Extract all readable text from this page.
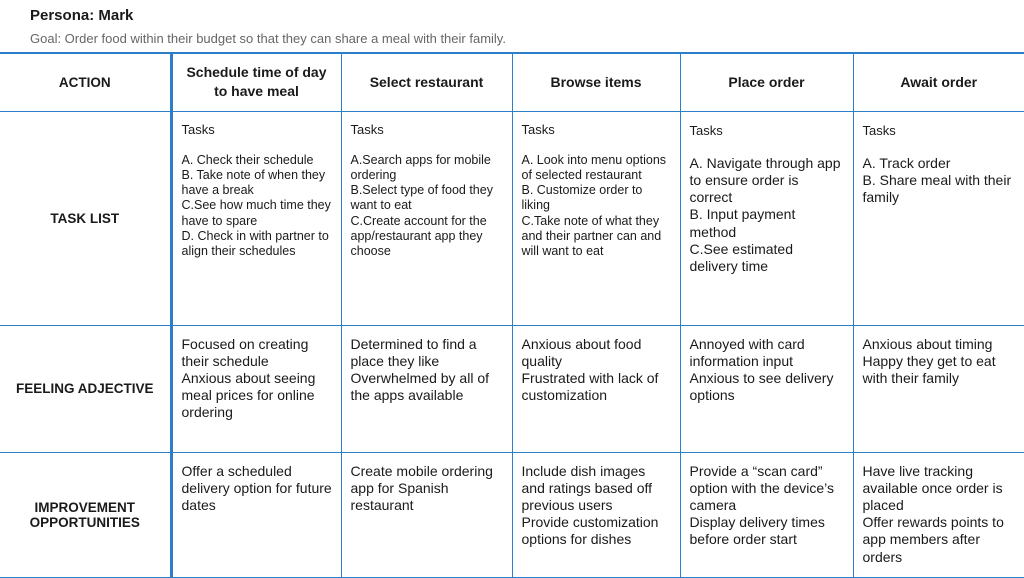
Persona: Mark
Goal: Order food within their budget so that they can share a meal with their family.
ACTION	Schedule time of day to have meal	Select restaurant	Browse items	Place order	Await order
TASK LIST	Tasks
A. Check their schedule
B. Take note of when they have a break
C.See how much time they have to spare
D. Check in with partner to align their schedules	Tasks
A.Search apps for mobile ordering
B.Select type of food they want to eat
C.Create account for the app/restaurant app they choose	Tasks
A. Look into menu options of selected restaurant
B. Customize order to liking
C.Take note of what they and their partner can and will want to eat	Tasks
A. Navigate through app to ensure order is correct
B. Input payment method
C.See estimated delivery time	Tasks
A. Track order
B. Share meal with their family

FEELING ADJECTIVE	Focused on creating their schedule
Anxious about seeing meal prices for online ordering	Determined to find a place they like
Overwhelmed by all of the apps available	Anxious about food quality
Frustrated with lack of customization	Annoyed with card information input
Anxious to see delivery options	Anxious about timing
Happy they get to eat with their family

IMPROVEMENT OPPORTUNITIES	Offer a scheduled delivery option for future dates	Create mobile ordering app for Spanish restaurant	Include dish images and ratings based off previous users
Provide customization options for dishes	Provide a “scan card” option with the device’s camera
Display delivery times before order start	Have live tracking available once order is placed
Offer rewards points to app members after orders
